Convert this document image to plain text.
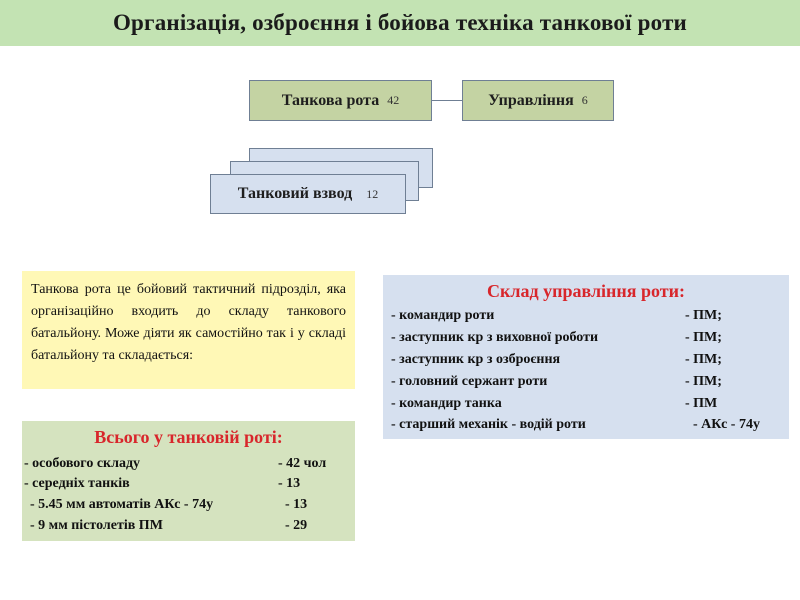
Організація, озброєння і бойова техніка танкової роти
Танкова рота 42	Управління 6
Танковий взвод 12
Танкова рота це бойовий тактичний підрозділ, яка організаційно входить до складу танкового батальйону. Може діяти як самостійно так і у складі батальйону та складається:
Всього у танковій роті:
- особового складу	- 42 чол
- середніх танків	- 13
- 5.45 мм автоматів АКс - 74у	- 13
- 9 мм пістолетів ПМ	- 29
Склад управління роти:
- командир роти	- ПМ;
- заступник кр з виховної роботи	- ПМ;
- заступник кр з озброєння	- ПМ;
- головний сержант роти	- ПМ;
- командир танка	- ПМ
- старший механік - водій роти	- АКс - 74у
